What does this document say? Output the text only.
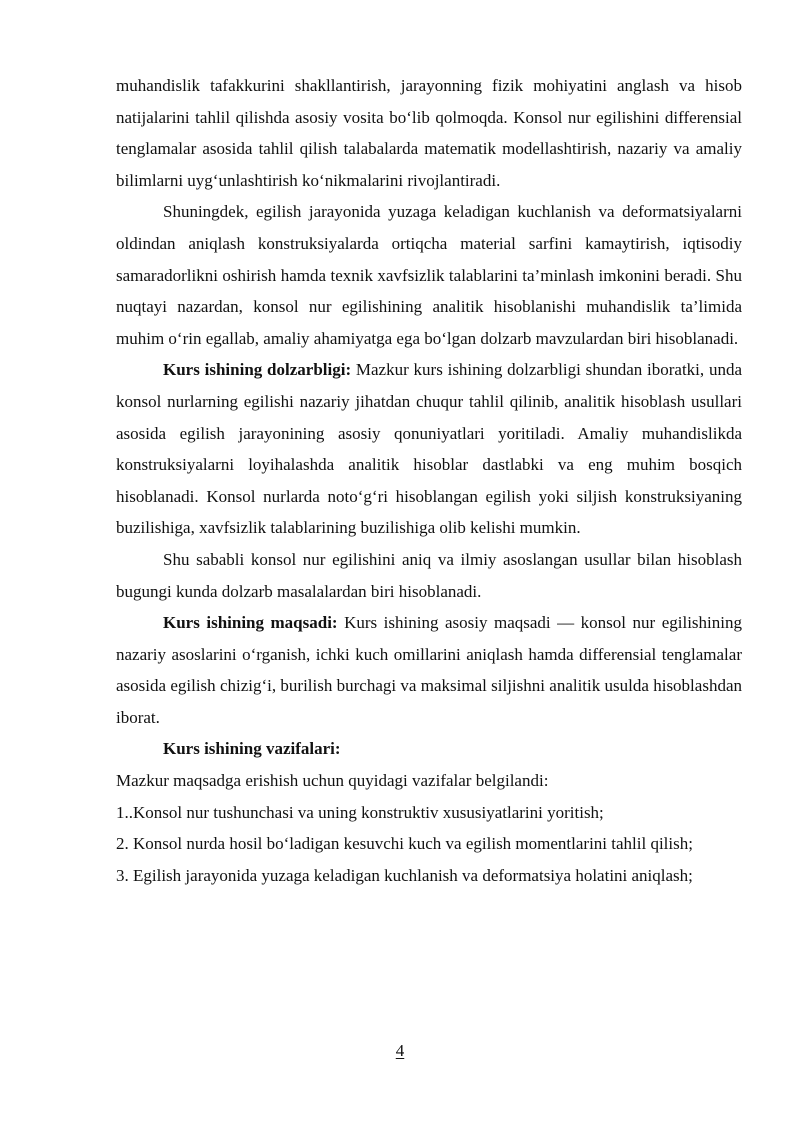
muhandislik tafakkurini shakllantirish, jarayonning fizik mohiyatini anglash va hisob natijalarini tahlil qilishda asosiy vosita bo‘lib qolmoqda. Konsol nur egilishini differensial tenglamalar asosida tahlil qilish talabalarda matematik modellashtirish, nazariy va amaliy bilimlarni uyg‘unlashtirish ko‘nikmalarini rivojlantiradi.

Shuningdek, egilish jarayonida yuzaga keladigan kuchlanish va deformatsiyalarni oldindan aniqlash konstruksiyalarda ortiqcha material sarfini kamaytirish, iqtisodiy samaradorlikni oshirish hamda texnik xavfsizlik talablarini ta’minlash imkonini beradi. Shu nuqtayi nazardan, konsol nur egilishining analitik hisoblanishi muhandislik ta’limida muhim o‘rin egallab, amaliy ahamiyatga ega bo‘lgan dolzarb mavzulardan biri hisoblanadi.

Kurs ishining dolzarbligi: Mazkur kurs ishining dolzarbligi shundan iboratki, unda konsol nurlarning egilishi nazariy jihatdan chuqur tahlil qilinib, analitik hisoblash usullari asosida egilish jarayonining asosiy qonuniyatlari yoritiladi. Amaliy muhandislikda konstruksiyalarni loyihalashda analitik hisoblar dastlabki va eng muhim bosqich hisoblanadi. Konsol nurlarda noto‘g‘ri hisoblangan egilish yoki siljish konstruksiyaning buzilishiga, xavfsizlik talablarining buzilishiga olib kelishi mumkin.

Shu sababli konsol nur egilishini aniq va ilmiy asoslangan usullar bilan hisoblash bugungi kunda dolzarb masalalardan biri hisoblanadi.

Kurs ishining maqsadi: Kurs ishining asosiy maqsadi — konsol nur egilishining nazariy asoslarini o‘rganish, ichki kuch omillarini aniqlash hamda differensial tenglamalar asosida egilish chizig‘i, burilish burchagi va maksimal siljishni analitik usulda hisoblashdan iborat.

Kurs ishining vazifalari:

Mazkur maqsadga erishish uchun quyidagi vazifalar belgilandi:

1..Konsol nur tushunchasi va uning konstruktiv xususiyatlarini yoritish;

2. Konsol nurda hosil bo‘ladigan kesuvchi kuch va egilish momentlarini tahlil qilish;

3. Egilish jarayonida yuzaga keladigan kuchlanish va deformatsiya holatini aniqlash;

4
